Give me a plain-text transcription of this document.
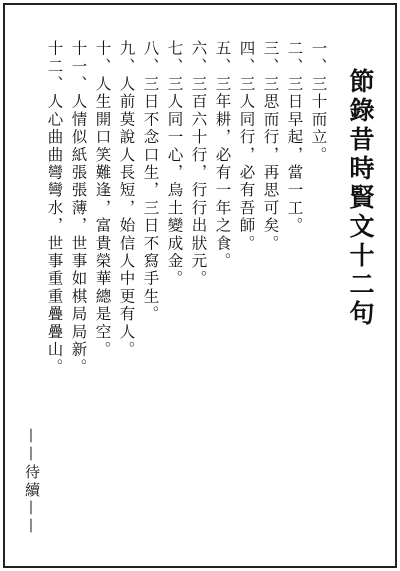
節錄昔時賢文十二句
一、三十而立。
二、三日早起，當一工。
三、三思而行，再思可矣。
四、三人同行，必有吾師。
五、三年耕，必有一年之食。
六、三百六十行，行行出狀元。
七、三人同一心，烏土變成金。
八、三日不念口生，三日不寫手生。
九、人前莫說人長短，始信人中更有人。
十、人生開口笑難逢，富貴榮華總是空。
十一、人情似紙張張薄，世事如棋局局新。
十二、人心曲曲彎彎水，世事重重疊疊山。
——待續——
